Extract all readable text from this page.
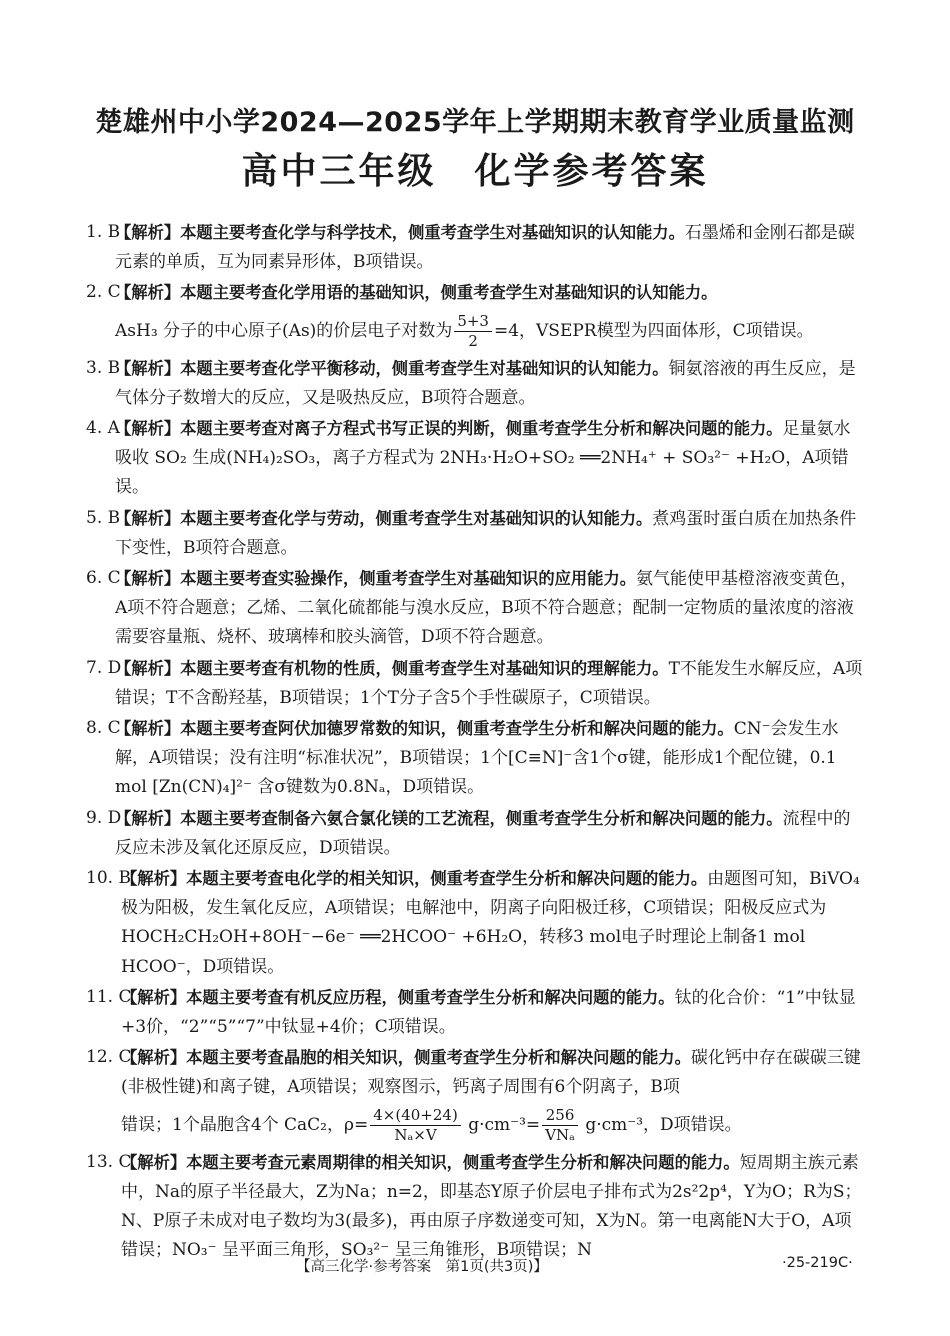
楚雄州中小学2024—2025学年上学期期末教育学业质量监测
高中三年级 化学参考答案
1. B

【解析】本题主要考查化学与科学技术，侧重考查学生对基础知识的认知能力。石墨烯和金刚石都是碳元素的单质，互为同素异形体，B项错误。

2. C

【解析】本题主要考查化学用语的基础知识，侧重考查学生对基础知识的认知能力。

AsH₃ 分子的中心原子(As)的价层电子对数为 $\frac{5+3}{2} =4$，VSEPR模型为四面体形，C项错误。

3. B

【解析】本题主要考查化学平衡移动，侧重考查学生对基础知识的认知能力。铜氨溶液的再生反应，是气体分子数增大的反应，又是吸热反应，B项符合题意。

4. A

【解析】本题主要考查对离子方程式书写正误的判断，侧重考查学生分析和解决问题的能力。足量氨水吸收 SO₂ 生成(NH₄)₂SO₃，离子方程式为 2NH₃·H₂O+SO₂ ══2NH₄⁺ + SO₃²⁻ +H₂O，A项错误。

5. B

【解析】本题主要考查化学与劳动，侧重考查学生对基础知识的认知能力。煮鸡蛋时蛋白质在加热条件下变性，B项符合题意。

6. C

【解析】本题主要考查实验操作，侧重考查学生对基础知识的应用能力。氨气能使甲基橙溶液变黄色，A项不符合题意；乙烯、二氧化硫都能与溴水反应，B项不符合题意；配制一定物质的量浓度的溶液需要容量瓶、烧杯、玻璃棒和胶头滴管，D项不符合题意。

7. D

【解析】本题主要考查有机物的性质，侧重考查学生对基础知识的理解能力。T不能发生水解反应，A项错误；T不含酚羟基，B项错误；1个T分子含5个手性碳原子，C项错误。

8. C

【解析】本题主要考查阿伏加德罗常数的知识，侧重考查学生分析和解决问题的能力。CN⁻会发生水解，A项错误；没有注明“标准状况”，B项错误；1个[C≡N]⁻含1个σ键，能形成1个配位键，0.1 mol [Zn(CN)₄]²⁻ 含σ键数为0.8Nₐ，D项错误。

9. D

【解析】本题主要考查制备六氨合氯化镁的工艺流程，侧重考查学生分析和解决问题的能力。流程中的反应未涉及氧化还原反应，D项错误。

10. B

【解析】本题主要考查电化学的相关知识，侧重考查学生分析和解决问题的能力。由题图可知，BiVO₄ 极为阳极，发生氧化反应，A项错误；电解池中，阴离子向阳极迁移，C项错误；阳极反应式为 HOCH₂CH₂OH+8OH⁻−6e⁻ ══2HCOO⁻ +6H₂O，转移3 mol电子时理论上制备1 mol HCOO⁻，D项错误。

11. C

【解析】本题主要考查有机反应历程，侧重考查学生分析和解决问题的能力。钛的化合价：“1”中钛显+3价，“2”“5”“7”中钛显+4价；C项错误。

12. C

【解析】本题主要考查晶胞的相关知识，侧重考查学生分析和解决问题的能力。碳化钙中存在碳碳三键(非极性键)和离子键，A项错误；观察图示，钙离子周围有6个阴离子，B项

错误；1个晶胞含4个 CaC₂，$\rho= \frac{4\times(40+24)}{\text{Nₐ×V}} g\cdot cm^{-3}= \frac{256}{\text{VNₐ}} g\cdot cm^{-3}$，D项错误。

13. C

【解析】本题主要考查元素周期律的相关知识，侧重考查学生分析和解决问题的能力。短周期主族元素中，Na的原子半径最大，Z为Na；n=2，即基态Y原子价层电子排布式为2s²2p⁴，Y为O；R为S；N、P原子未成对电子数均为3(最多)，再由原子序数递变可知，X为N。第一电离能N大于O，A项错误；NO₃⁻ 呈平面三角形，SO₃²⁻ 呈三角锥形，B项错误；N

【高三化学·参考答案　第1页(共3页)】	·25-219C·
